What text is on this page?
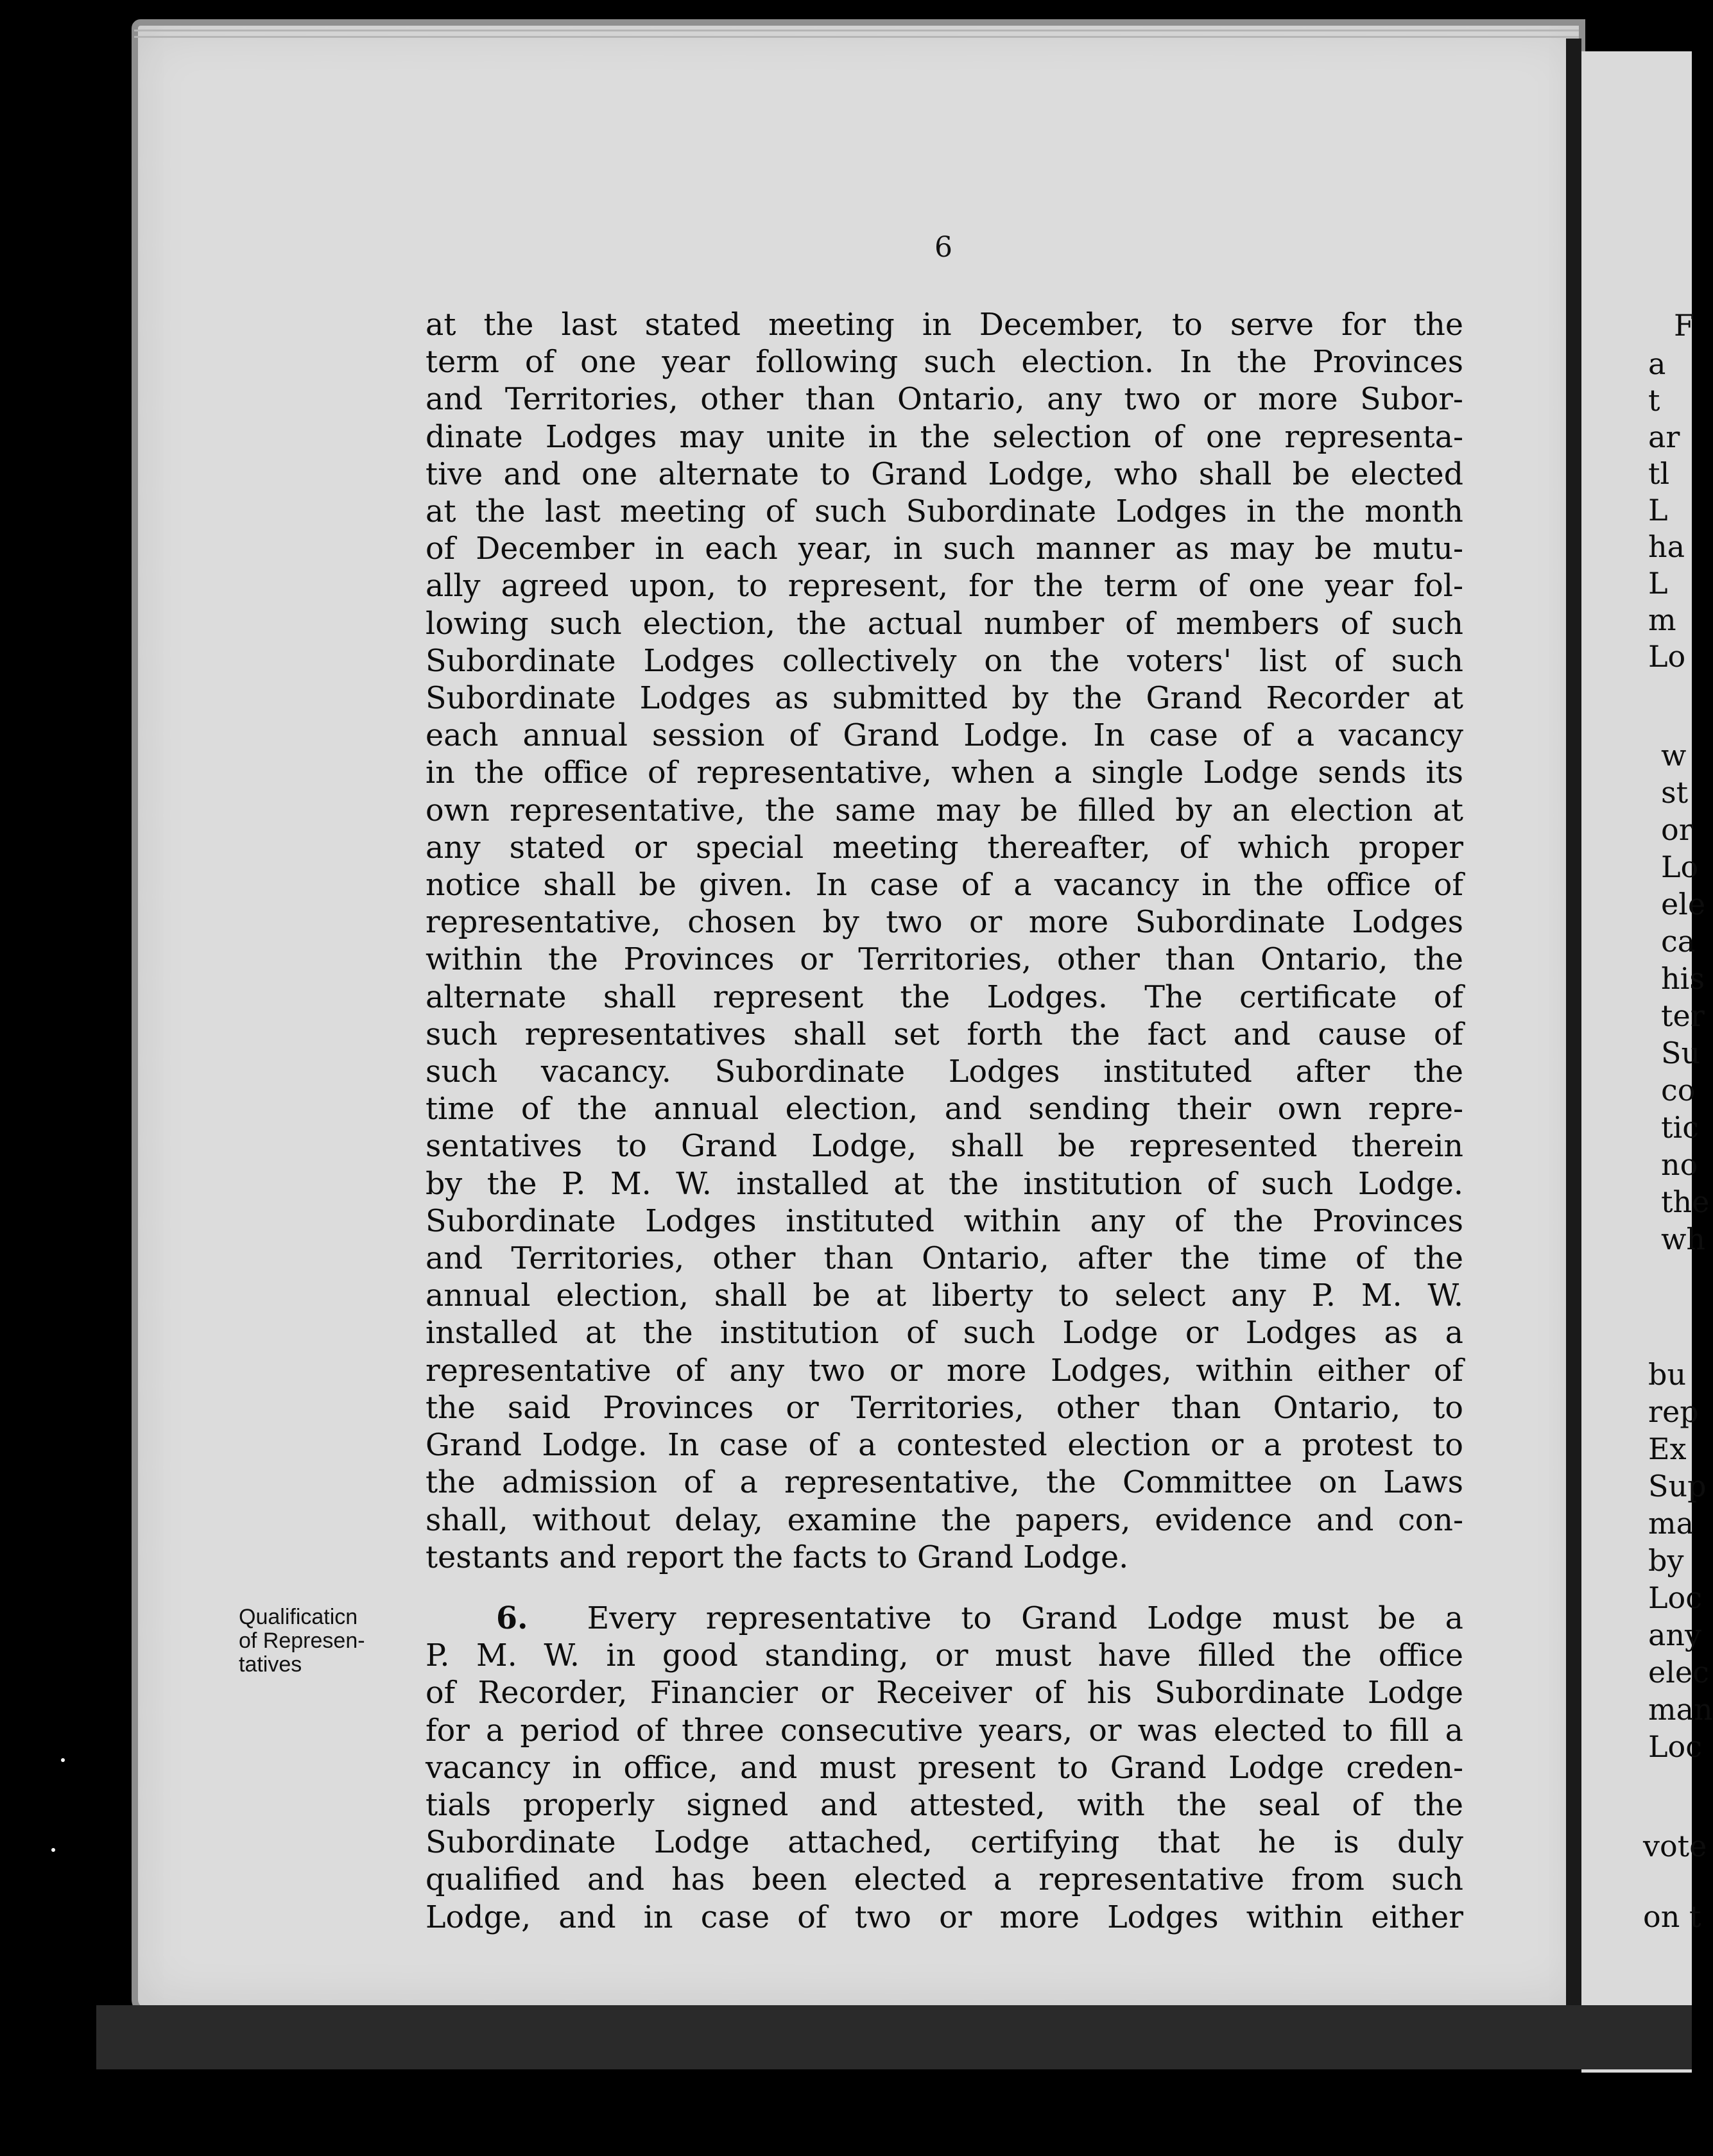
6
at the last stated meeting in December, to serve for the
term of one year following such election. In the Provinces
and Territories, other than Ontario, any two or more Subor-
dinate Lodges may unite in the selection of one representa-
tive and one alternate to Grand Lodge, who shall be elected
at the last meeting of such Subordinate Lodges in the month
of December in each year, in such manner as may be mutu-
ally agreed upon, to represent, for the term of one year fol-
lowing such election, the actual number of members of such
Subordinate Lodges collectively on the voters' list of such
Subordinate Lodges as submitted by the Grand Recorder at
each annual session of Grand Lodge. In case of a vacancy
in the office of representative, when a single Lodge sends its
own representative, the same may be filled by an election at
any stated or special meeting thereafter, of which proper
notice shall be given. In case of a vacancy in the office of
representative, chosen by two or more Subordinate Lodges
within the Provinces or Territories, other than Ontario, the
alternate shall represent the Lodges. The certificate of
such representatives shall set forth the fact and cause of
such vacancy. Subordinate Lodges instituted after the
time of the annual election, and sending their own repre-
sentatives to Grand Lodge, shall be represented therein
by the P. M. W. installed at the institution of such Lodge.
Subordinate Lodges instituted within any of the Provinces
and Territories, other than Ontario, after the time of the
annual election, shall be at liberty to select any P. M. W.
installed at the institution of such Lodge or Lodges as a
representative of any two or more Lodges, within either of
the said Provinces or Territories, other than Ontario, to
Grand Lodge. In case of a contested election or a protest to
the admission of a representative, the Committee on Laws
shall, without delay, examine the papers, evidence and con-
testants and report the facts to Grand Lodge.
Qualificaticn
of Represen-
tatives
6. Every representative to Grand Lodge must be a
P. M. W. in good standing, or must have filled the office
of Recorder, Financier or Receiver of his Subordinate Lodge
for a period of three consecutive years, or was elected to fill a
vacancy in office, and must present to Grand Lodge creden-
tials properly signed and attested, with the seal of the
Subordinate Lodge attached, certifying that he is duly
qualified and has been elected a representative from such
Lodge, and in case of two or more Lodges within either
F
a
t
ar
tl
L
ha
L
m
Lo
w
st
or
Lo
ele
ca
his
ter
Su
co
tic
no
the
wh
bu
rep
Ex
Sup
ma
by
Loc
any
elec
man
Loc
vote
on t
